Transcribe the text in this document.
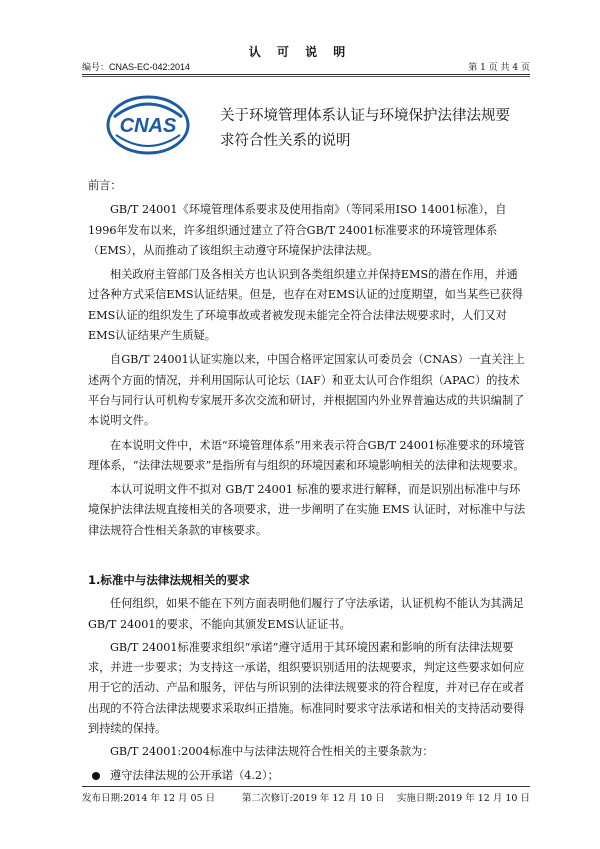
认 可 说 明
编号：CNAS-EC-042:2014	第 1 页 共 4 页
CNAS	关于环境管理体系认证与环境保护法律法规要
求符合性关系的说明

前言：

GB/T 24001《环境管理体系要求及使用指南》（等同采用ISO 14001标准），自1996年发布以来，许多组织通过建立了符合GB/T 24001标准要求的环境管理体系（EMS），从而推动了该组织主动遵守环境保护法律法规。

相关政府主管部门及各相关方也认识到各类组织建立并保持EMS的潜在作用，并通过各种方式采信EMS认证结果。但是，也存在对EMS认证的过度期望，如当某些已获得EMS认证的组织发生了环境事故或者被发现未能完全符合法律法规要求时，人们又对EMS认证结果产生质疑。

自GB/T 24001认证实施以来，中国合格评定国家认可委员会（CNAS）一直关注上述两个方面的情况，并利用国际认可论坛（IAF）和亚太认可合作组织（APAC）的技术平台与同行认可机构专家展开多次交流和研讨，并根据国内外业界普遍达成的共识编制了本说明文件。

在本说明文件中，术语“环境管理体系”用来表示符合GB/T 24001标准要求的环境管理体系，“法律法规要求”是指所有与组织的环境因素和环境影响相关的法律和法规要求。

本认可说明文件不拟对 GB/T 24001 标准的要求进行解释，而是识别出标准中与环境保护法律法规直接相关的各项要求，进一步阐明了在实施 EMS 认证时，对标准中与法律法规符合性相关条款的审核要求。

1.标准中与法律法规相关的要求

任何组织，如果不能在下列方面表明他们履行了守法承诺，认证机构不能认为其满足GB/T 24001的要求，不能向其颁发EMS认证证书。

GB/T 24001标准要求组织“承诺”遵守适用于其环境因素和影响的所有法律法规要求，并进一步要求；为支持这一承诺，组织要识别适用的法规要求，判定这些要求如何应用于它的活动、产品和服务，评估与所识别的法律法规要求的符合程度，并对已存在或者出现的不符合法律法规要求采取纠正措施。标准同时要求守法承诺和相关的支持活动要得到持续的保持。

GB/T 24001:2004标准中与法律法规符合性相关的主要条款为：

遵守法律法规的公开承诺（4.2）；

发布日期:2014 年 12 月 05 日	第二次修订:2019 年 12 月 10 日 实施日期:2019 年 12 月 10 日
